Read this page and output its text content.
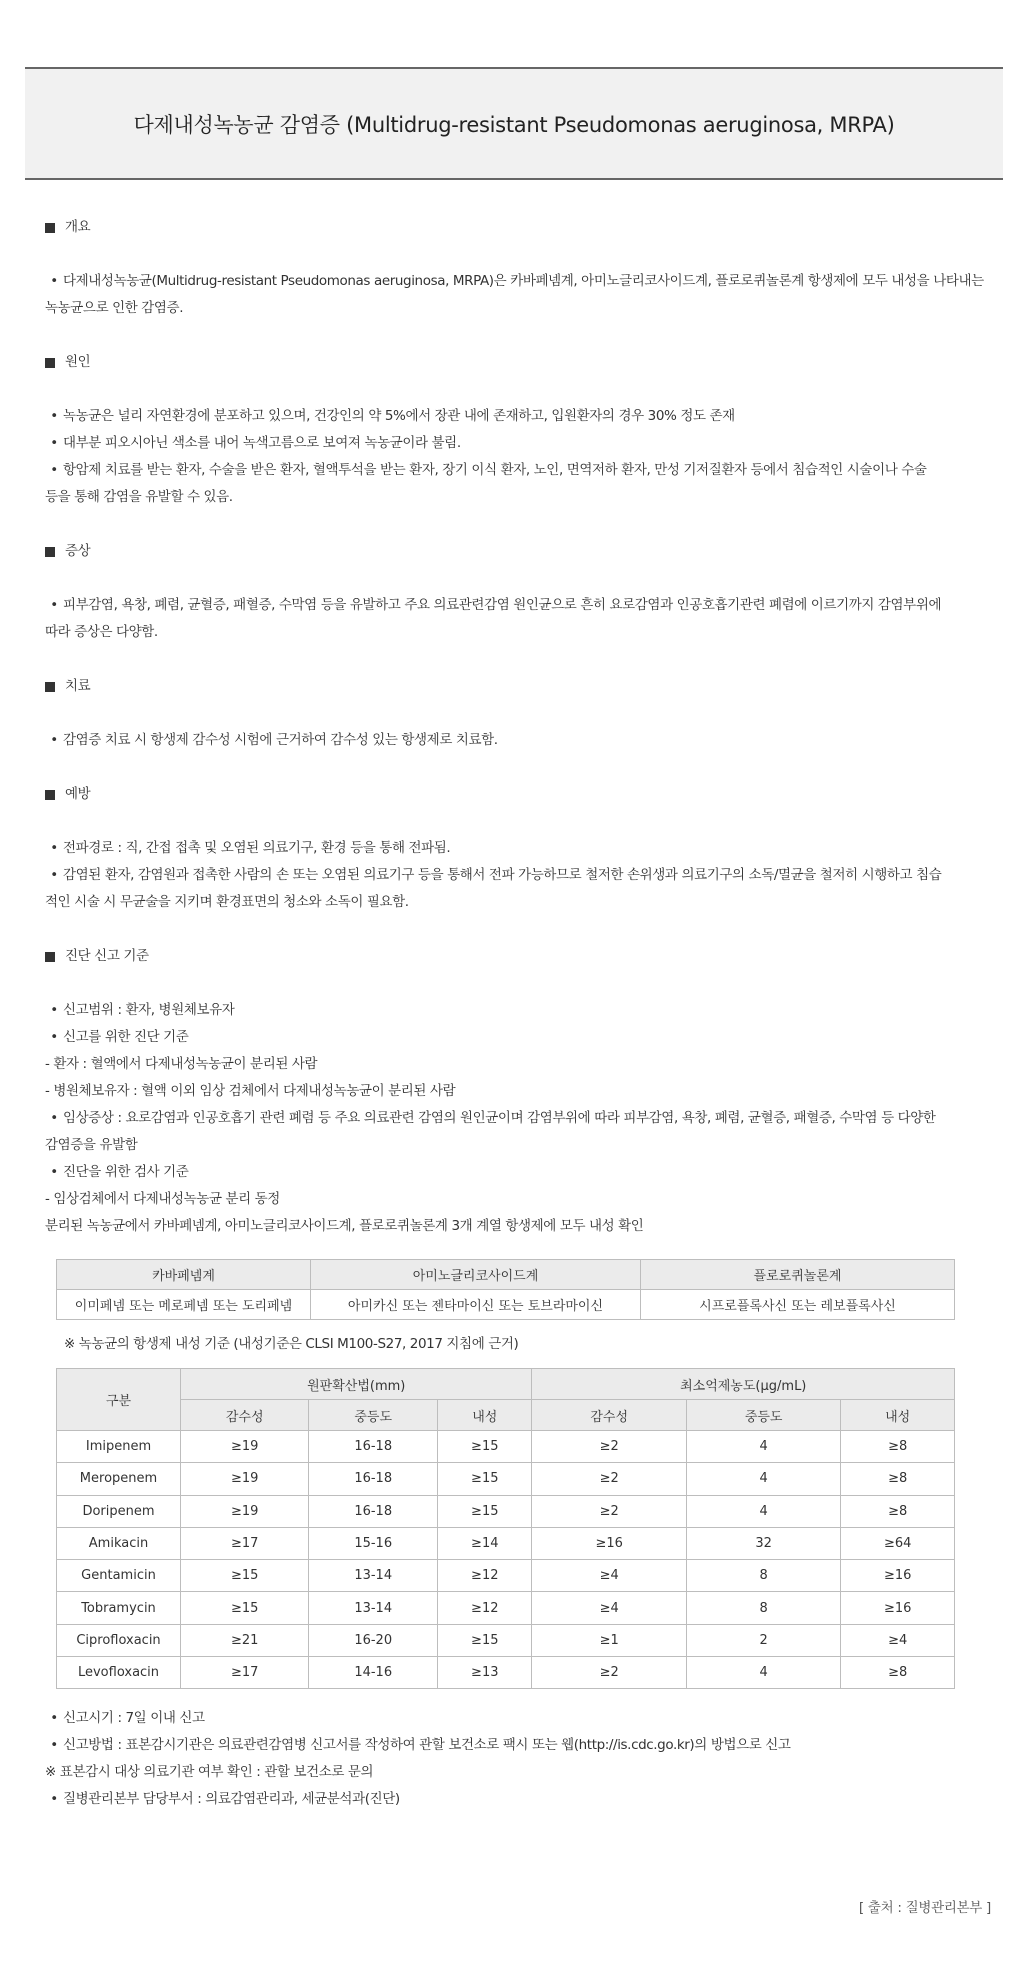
다제내성녹농균 감염증 (Multidrug-resistant Pseudomonas aeruginosa, MRPA)
개요
• 다제내성녹농균(Multidrug-resistant Pseudomonas aeruginosa, MRPA)은 카바페넴계, 아미노글리코사이드계, 플로로퀴놀론계 항생제에 모두 내성을 나타내는
녹농균으로 인한 감염증.
원인
• 녹농균은 널리 자연환경에 분포하고 있으며, 건강인의 약 5%에서 장관 내에 존재하고, 입원환자의 경우 30% 정도 존재
• 대부분 피오시아닌 색소를 내어 녹색고름으로 보여져 녹농균이라 불림.
• 항암제 치료를 받는 환자, 수술을 받은 환자, 혈액투석을 받는 환자, 장기 이식 환자, 노인, 면역저하 환자, 만성 기저질환자 등에서 침습적인 시술이나 수술
등을 통해 감염을 유발할 수 있음.
증상
• 피부감염, 욕창, 폐렴, 균혈증, 패혈증, 수막염 등을 유발하고 주요 의료관련감염 원인균으로 흔히 요로감염과 인공호흡기관련 폐렴에 이르기까지 감염부위에
따라 증상은 다양함.
치료
• 감염증 치료 시 항생제 감수성 시험에 근거하여 감수성 있는 항생제로 치료함.
예방
• 전파경로 : 직, 간접 접촉 및 오염된 의료기구, 환경 등을 통해 전파됨.
• 감염된 환자, 감염원과 접촉한 사람의 손 또는 오염된 의료기구 등을 통해서 전파 가능하므로 철저한 손위생과 의료기구의 소독/멸균을 철저히 시행하고 침습
적인 시술 시 무균술을 지키며 환경표면의 청소와 소독이 필요함.
진단 신고 기준
• 신고범위 : 환자, 병원체보유자
• 신고를 위한 진단 기준
- 환자 : 혈액에서 다제내성녹농균이 분리된 사람
- 병원체보유자 : 혈액 이외 임상 검체에서 다제내성녹농균이 분리된 사람
• 임상증상 : 요로감염과 인공호흡기 관련 폐렴 등 주요 의료관련 감염의 원인균이며 감염부위에 따라 피부감염, 욕창, 폐렴, 균혈증, 패혈증, 수막염 등 다양한
감염증을 유발함
• 진단을 위한 검사 기준
- 임상검체에서 다제내성녹농균 분리 동정
분리된 녹농균에서 카바페넴계, 아미노글리코사이드계, 플로로퀴놀론계 3개 계열 항생제에 모두 내성 확인
카바페넴계	아미노글리코사이드계	플로로퀴놀론계
이미페넴 또는 메로페넴 또는 도리페넴	아미카신 또는 젠타마이신 또는 토브라마이신	시프로플록사신 또는 레보플록사신
※ 녹농균의 항생제 내성 기준 (내성기준은 CLSI M100-S27, 2017 지침에 근거)
구분	원판확산법(mm)			최소억제농도(μg/mL)		
	감수성	중등도	내성	감수성	중등도	내성
Imipenem	≥19	16-18	≥15	≥2	4	≥8
Meropenem	≥19	16-18	≥15	≥2	4	≥8
Doripenem	≥19	16-18	≥15	≥2	4	≥8
Amikacin	≥17	15-16	≥14	≥16	32	≥64
Gentamicin	≥15	13-14	≥12	≥4	8	≥16
Tobramycin	≥15	13-14	≥12	≥4	8	≥16
Ciprofloxacin	≥21	16-20	≥15	≥1	2	≥4
Levofloxacin	≥17	14-16	≥13	≥2	4	≥8
• 신고시기 : 7일 이내 신고
• 신고방법 : 표본감시기관은 의료관련감염병 신고서를 작성하여 관할 보건소로 팩시 또는 웹(http://is.cdc.go.kr)의 방법으로 신고
※ 표본감시 대상 의료기관 여부 확인 : 관할 보건소로 문의
• 질병관리본부 담당부서 : 의료감염관리과, 세균분석과(진단)
[ 출처 : 질병관리본부 ]
